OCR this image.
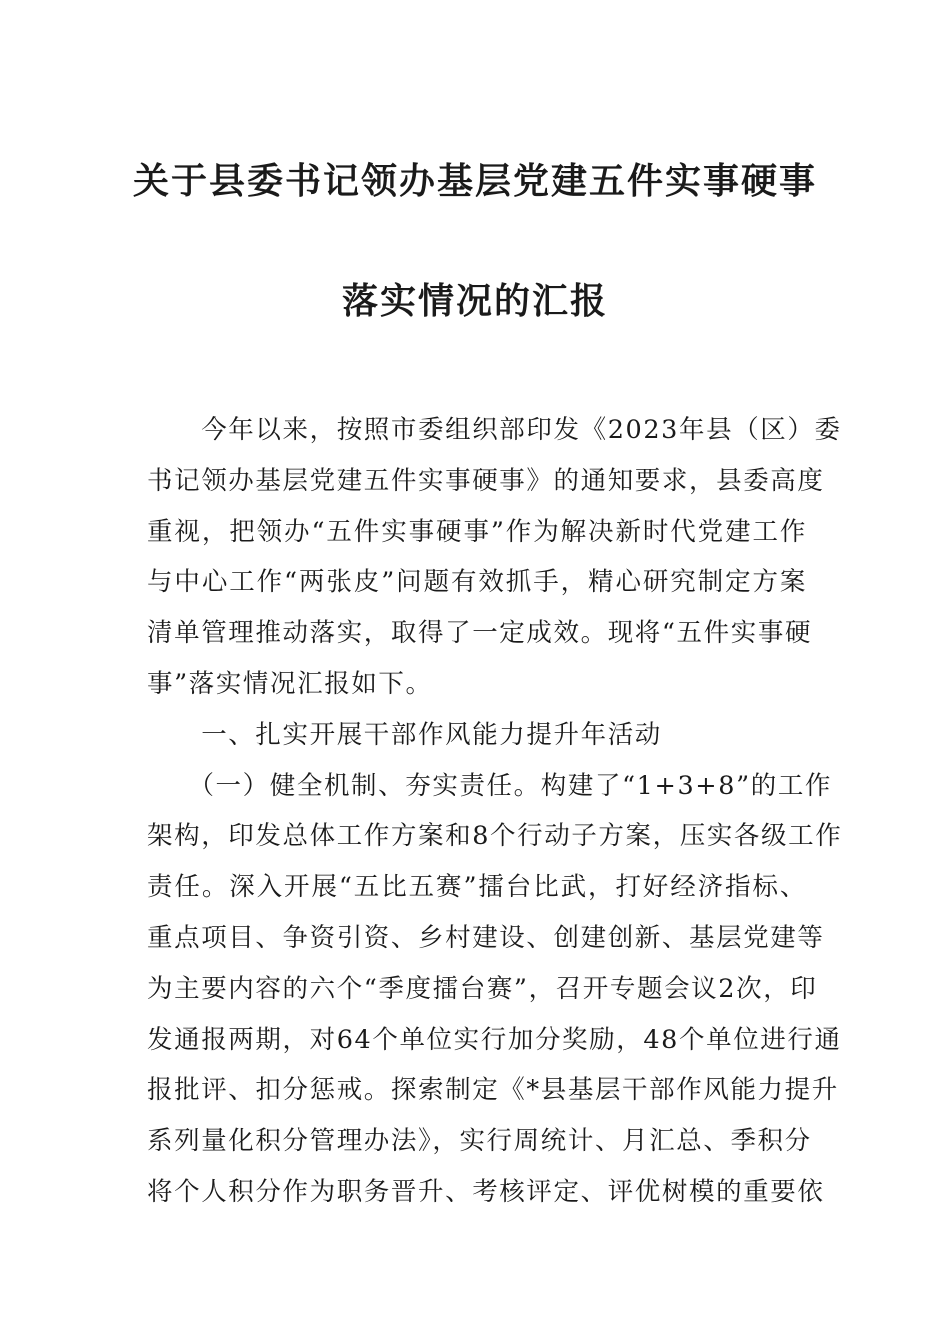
关于县委书记领办基层党建五件实事硬事
落实情况的汇报
　　今年以来，按照市委组织部印发《2023年县（区）委
书记领办基层党建五件实事硬事》的通知要求，县委高度
重视，把领办“五件实事硬事”作为解决新时代党建工作
与中心工作“两张皮”问题有效抓手，精心研究制定方案
清单管理推动落实，取得了一定成效。现将“五件实事硬
事”落实情况汇报如下。
　　一、扎实开展干部作风能力提升年活动
　　（一）健全机制、夯实责任。构建了“1+3+8”的工作
架构，印发总体工作方案和8个行动子方案，压实各级工作
责任。深入开展“五比五赛”擂台比武，打好经济指标、
重点项目、争资引资、乡村建设、创建创新、基层党建等
为主要内容的六个“季度擂台赛”，召开专题会议2次，印
发通报两期，对64个单位实行加分奖励，48个单位进行通
报批评、扣分惩戒。探索制定《*县基层干部作风能力提升
系列量化积分管理办法》，实行周统计、月汇总、季积分
将个人积分作为职务晋升、考核评定、评优树模的重要依
